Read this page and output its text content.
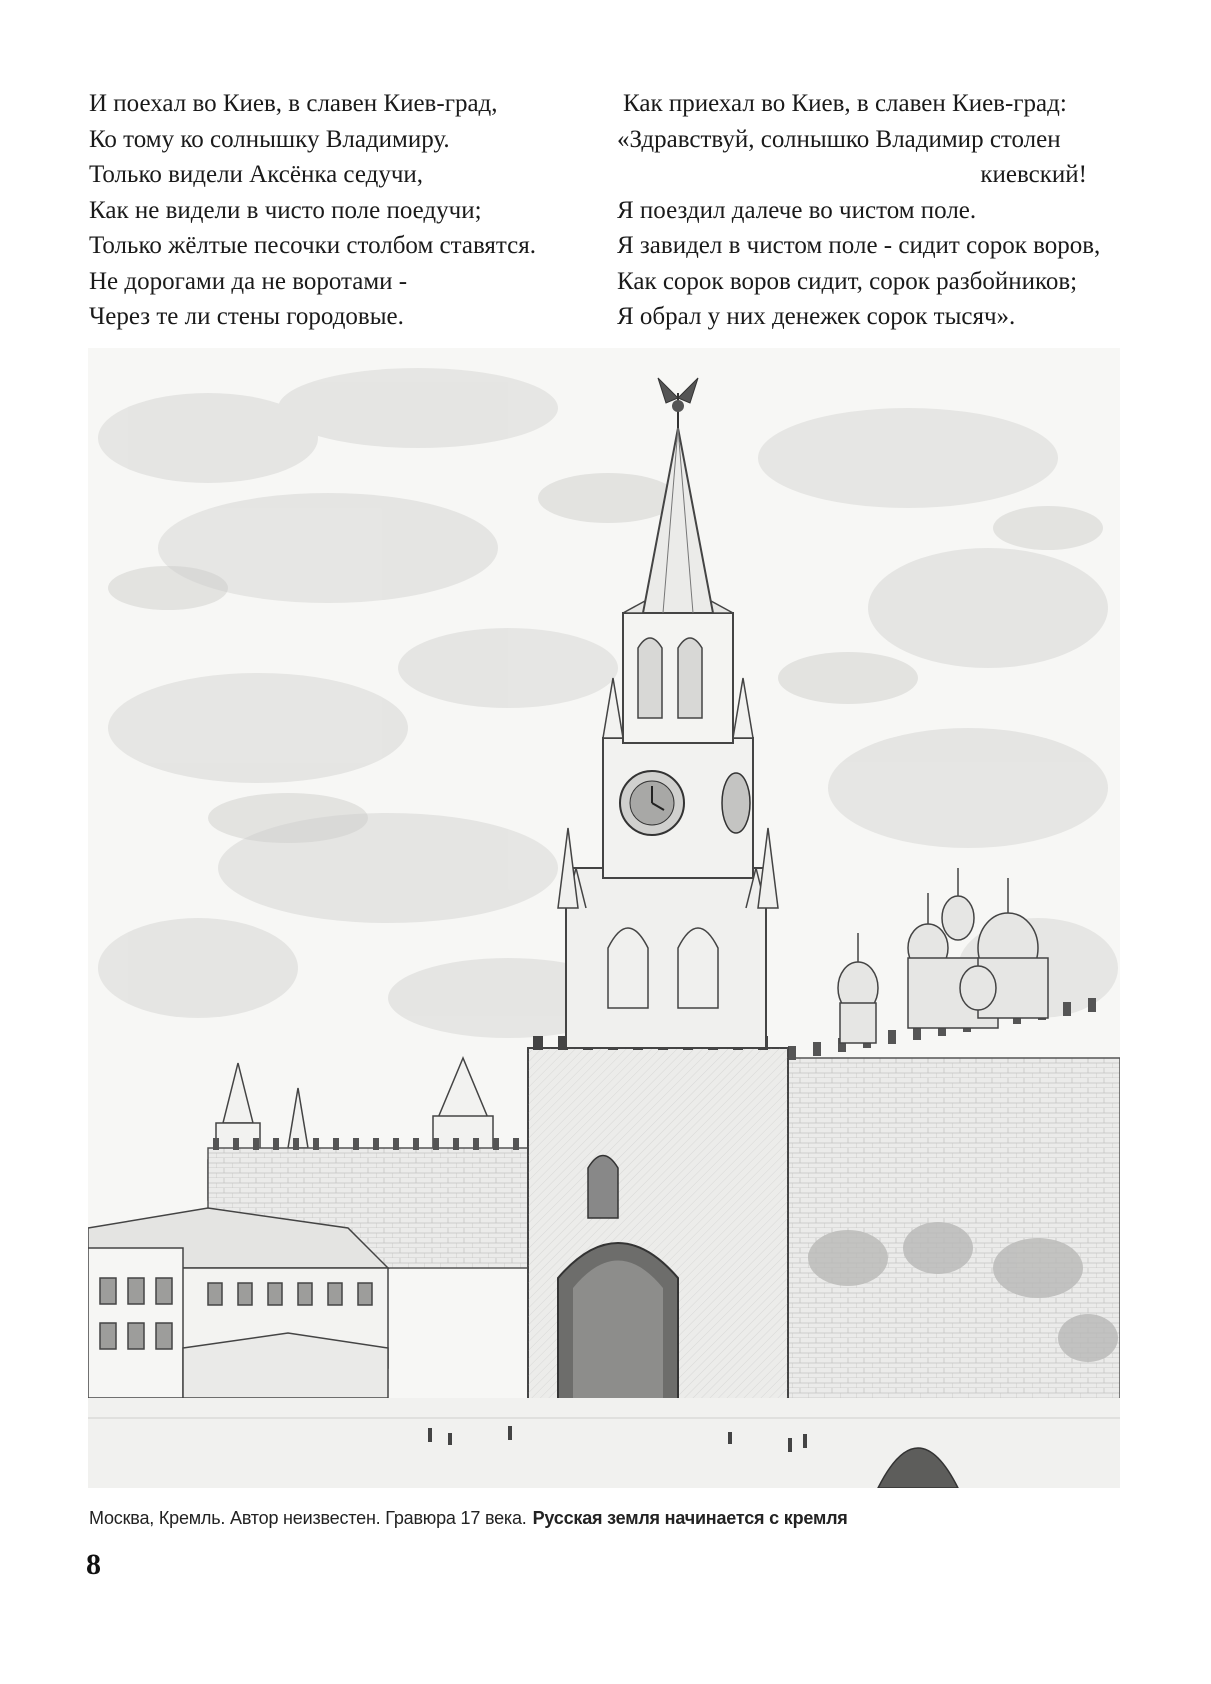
И поехал во Киев, в славен Киев-град,
Ко тому ко солнышку Владимиру.
Только видели Аксёнка седучи,
Как не видели в чисто поле поедучи;
Только жёлтые песочки столбом ставятся.
Не дорогами да не воротами -
Через те ли стены городовые.
Как приехал во Киев, в славен Киев-град:
«Здравствуй, солнышко Владимир столен
киевский!
Я поездил далече во чистом поле.
Я завидел в чистом поле - сидит сорок воров,
Как сорок воров сидит, сорок разбойников;
Я обрал у них денежек сорок тысяч».
Москва, Кремль. Автор неизвестен. Гравюра 17 века. Русская земля начинается с кремля
8
